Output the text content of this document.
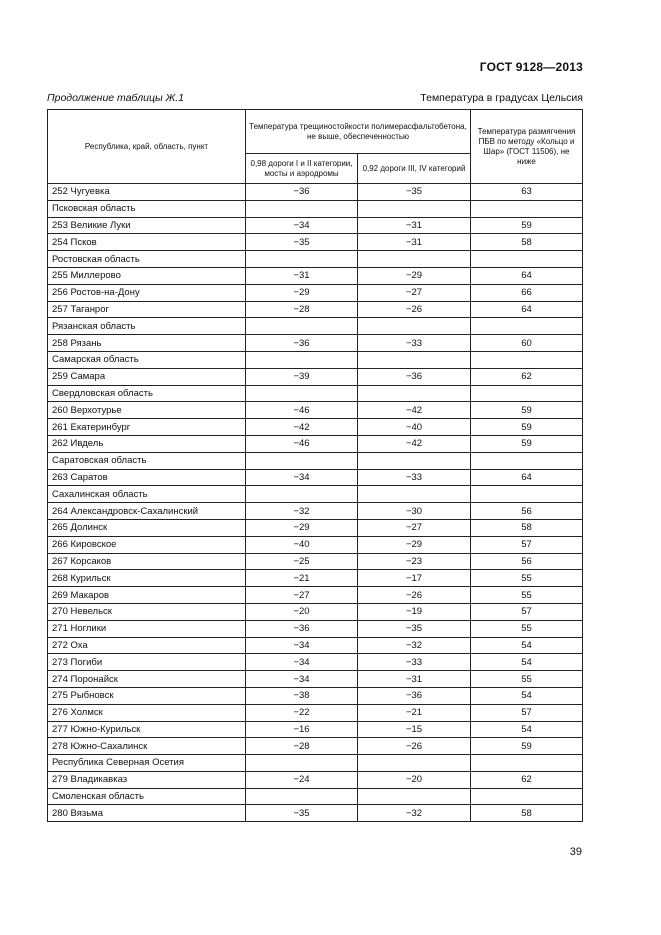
ГОСТ 9128—2013
Продолжение таблицы Ж.1	Температура в градусах Цельсия
Республика, край, область, пункт	Температура трещиностойкости полимерасфальтобетона, не выше, обеспеченностью		Температура размягчения ПБВ по методу «Кольцо и Шар» (ГОСТ 11506), не ниже
	0,98 дороги I и II категории, мосты и аэродромы	0,92 дороги III, IV категорий	
252 Чугуевка	−36	−35	63
Псковская область			
253 Великие Луки	−34	−31	59
254 Псков	−35	−31	58
Ростовская область			
255 Миллерово	−31	−29	64
256 Ростов-на-Дону	−29	−27	66
257 Таганрог	−28	−26	64
Рязанская область			
258 Рязань	−36	−33	60
Самарская область			
259 Самара	−39	−36	62
Свердловская область			
260 Верхотурье	−46	−42	59
261 Екатеринбург	−42	−40	59
262 Ивдель	−46	−42	59
Саратовская область			
263 Саратов	−34	−33	64
Сахалинская область			
264 Александровск-Сахалинский	−32	−30	56
265 Долинск	−29	−27	58
266 Кировское	−40	−29	57
267 Корсаков	−25	−23	56
268 Курильск	−21	−17	55
269 Макаров	−27	−26	55
270 Невельск	−20	−19	57
271 Ноглики	−36	−35	55
272 Оха	−34	−32	54
273 Погиби	−34	−33	54
274 Поронайск	−34	−31	55
275 Рыбновск	−38	−36	54
276 Холмск	−22	−21	57
277 Южно-Курильск	−16	−15	54
278 Южно-Сахалинск	−28	−26	59
Республика Северная Осетия			
279 Владикавказ	−24	−20	62
Смоленская область			
280 Вязьма	−35	−32	58
39
